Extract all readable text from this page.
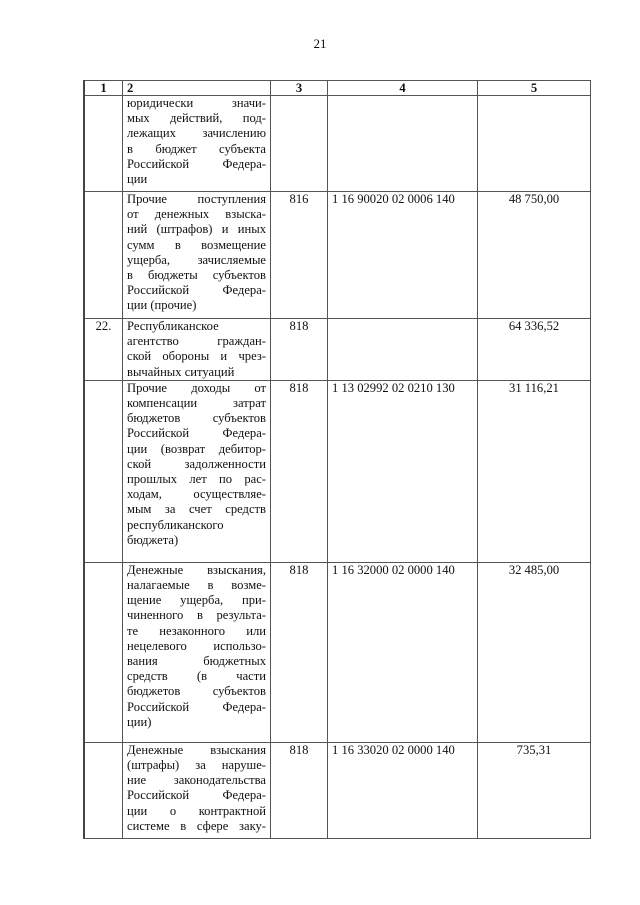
21
1	2	3	4	5

юридически значи-
мых действий, под-
лежащих зачислению
в бюджет субъекта
Российской Федера-
ции

Прочие поступления
от денежных взыска-
ний (штрафов) и иных
сумм в возмещение
ущерба, зачисляемые
в бюджеты субъектов
Российской Федера-
ции (прочие)
	816	1 16 90020 02 0006 140	48 750,00
22.	Республиканское
агентство граждан-
ской обороны и чрез-
вычайных ситуаций	818		64 336,52

Прочие доходы от
компенсации затрат
бюджетов субъектов
Российской Федера-
ции (возврат дебитор-
ской задолженности
прошлых лет по рас-
ходам, осуществляе-
мым за счет средств
республиканского
бюджета)
	818	1 13 02992 02 0210 130	31 116,21

Денежные взыскания,
налагаемые в возме-
щение ущерба, при-
чиненного в результа-
те незаконного или
нецелевого использо-
вания бюджетных
средств (в части
бюджетов субъектов
Российской Федера-
ции)
	818	1 16 32000 02 0000 140	32 485,00

Денежные взыскания
(штрафы) за наруше-
ние законодательства
Российской Федера-
ции о контрактной
системе в сфере заку-
	818	1 16 33020 02 0000 140	735,31
